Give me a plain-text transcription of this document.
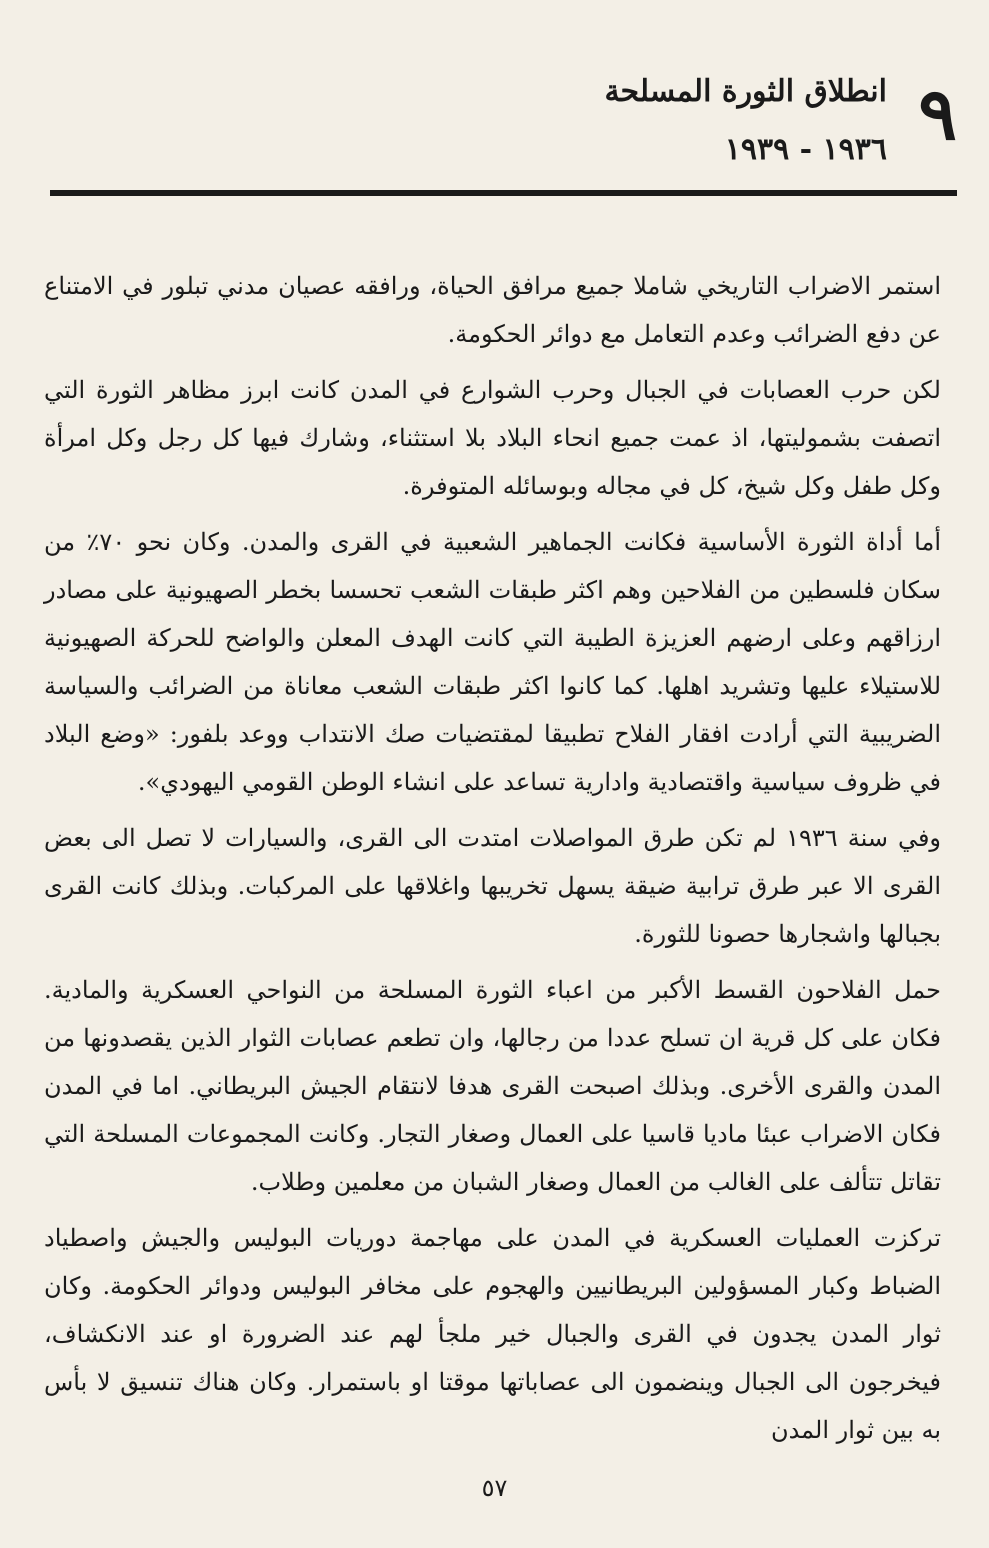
٩
انطلاق الثورة المسلحة
١٩٣٦ - ١٩٣٩

استمر الاضراب التاريخي شاملا جميع مرافق الحياة، ورافقه عصيان مدني تبلور في الامتناع عن دفع الضرائب وعدم التعامل مع دوائر الحكومة.

لكن حرب العصابات في الجبال وحرب الشوارع في المدن كانت ابرز مظاهر الثورة التي اتصفت بشموليتها، اذ عمت جميع انحاء البلاد بلا استثناء، وشارك فيها كل رجل وكل امرأة وكل طفل وكل شيخ، كل في مجاله وبوسائله المتوفرة.

أما أداة الثورة الأساسية فكانت الجماهير الشعبية في القرى والمدن. وكان نحو ٧٠٪ من سكان فلسطين من الفلاحين وهم اكثر طبقات الشعب تحسسا بخطر الصهيونية على مصادر ارزاقهم وعلى ارضهم العزيزة الطيبة التي كانت الهدف المعلن والواضح للحركة الصهيونية للاستيلاء عليها وتشريد اهلها. كما كانوا اكثر طبقات الشعب معاناة من الضرائب والسياسة الضريبية التي أرادت افقار الفلاح تطبيقا لمقتضيات صك الانتداب ووعد بلفور: «وضع البلاد في ظروف سياسية واقتصادية وادارية تساعد على انشاء الوطن القومي اليهودي».

وفي سنة ١٩٣٦ لم تكن طرق المواصلات امتدت الى القرى، والسيارات لا تصل الى بعض القرى الا عبر طرق ترابية ضيقة يسهل تخريبها واغلاقها على المركبات. وبذلك كانت القرى بجبالها واشجارها حصونا للثورة.

حمل الفلاحون القسط الأكبر من اعباء الثورة المسلحة من النواحي العسكرية والمادية. فكان على كل قرية ان تسلح عددا من رجالها، وان تطعم عصابات الثوار الذين يقصدونها من المدن والقرى الأخرى. وبذلك اصبحت القرى هدفا لانتقام الجيش البريطاني. اما في المدن فكان الاضراب عبئا ماديا قاسيا على العمال وصغار التجار. وكانت المجموعات المسلحة التي تقاتل تتألف على الغالب من العمال وصغار الشبان من معلمين وطلاب.

تركزت العمليات العسكرية في المدن على مهاجمة دوريات البوليس والجيش واصطياد الضباط وكبار المسؤولين البريطانيين والهجوم على مخافر البوليس ودوائر الحكومة. وكان ثوار المدن يجدون في القرى والجبال خير ملجأ لهم عند الضرورة او عند الانكشاف، فيخرجون الى الجبال وينضمون الى عصاباتها موقتا او باستمرار. وكان هناك تنسيق لا بأس به بين ثوار المدن

٥٧
